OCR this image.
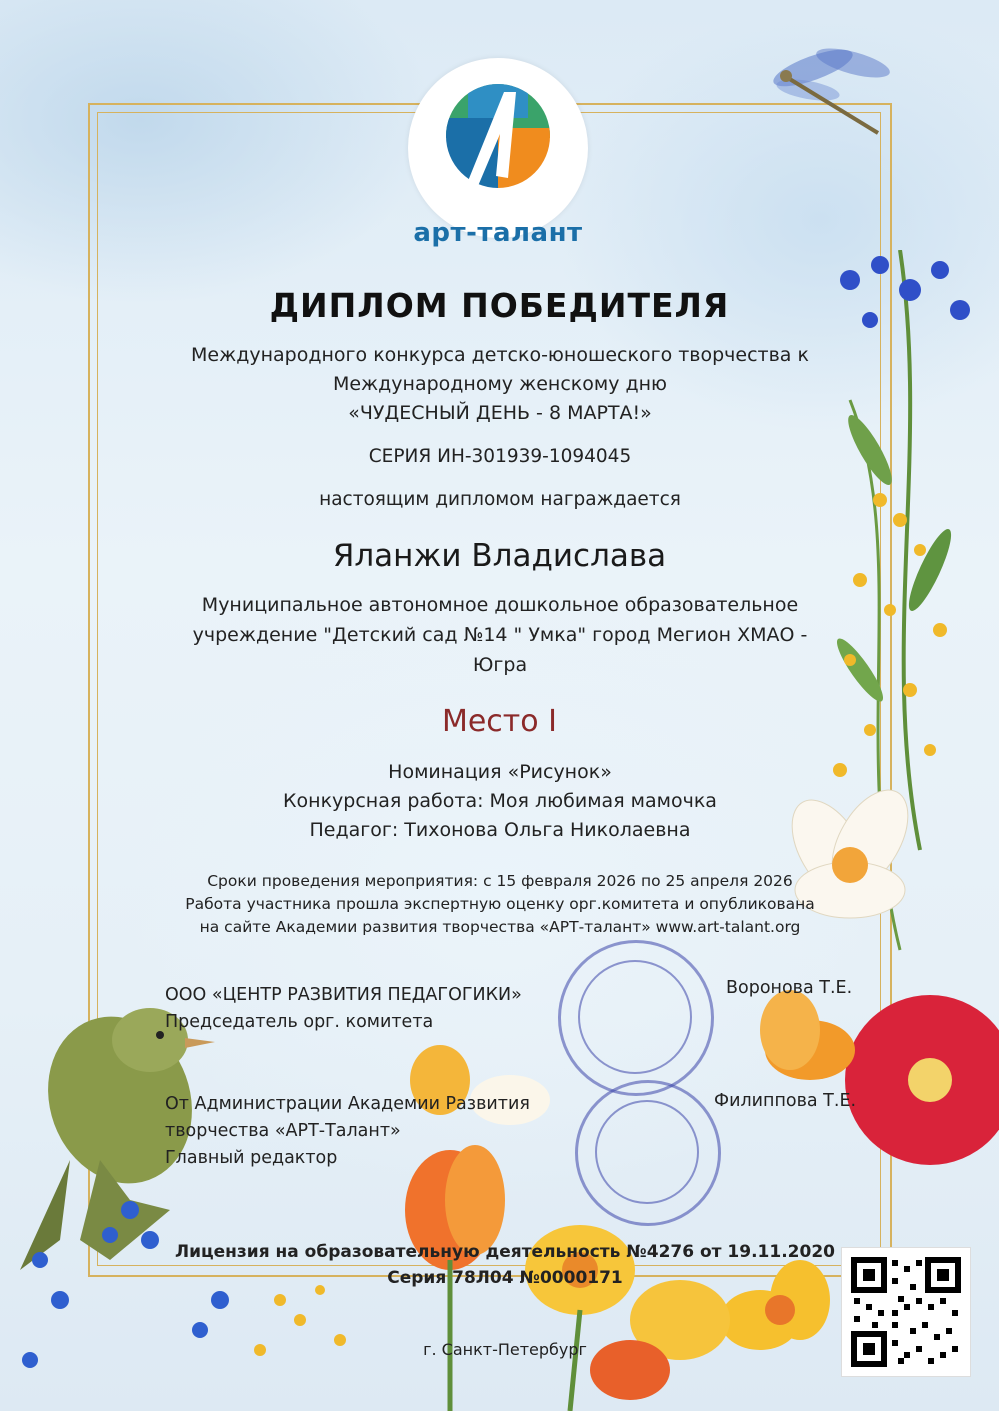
арт-талант
ДИПЛОМ ПОБЕДИТЕЛЯ
Международного конкурса детско-юношеского творчества к
Международному женскому дню
«ЧУДЕСНЫЙ ДЕНЬ - 8 МАРТА!»
СЕРИЯ ИН-301939-1094045
настоящим дипломом награждается
Яланжи Владислава
Муниципальное автономное дошкольное образовательное
учреждение "Детский сад №14 " Умка" город Мегион ХМАО -
Югра
Место I
Номинация «Рисунок»
Конкурсная работа: Моя любимая мамочка
Педагог: Тихонова Ольга Николаевна
Сроки проведения мероприятия: с 15 февраля 2026 по 25 апреля 2026
Работа участника прошла экспертную оценку орг.комитета и опубликована
на сайте Академии развития творчества «АРТ-талант» www.art-talant.org
ООО «ЦЕНТР РАЗВИТИЯ ПЕДАГОГИКИ»
Председатель орг. комитета
Воронова Т.Е.
От Администрации Академии Развития
творчества «АРТ-Талант»
Главный редактор
Филиппова Т.Е.
Лицензия на образовательную деятельность №4276 от 19.11.2020
Серия 78Л04 №0000171
г. Санкт-Петербург
